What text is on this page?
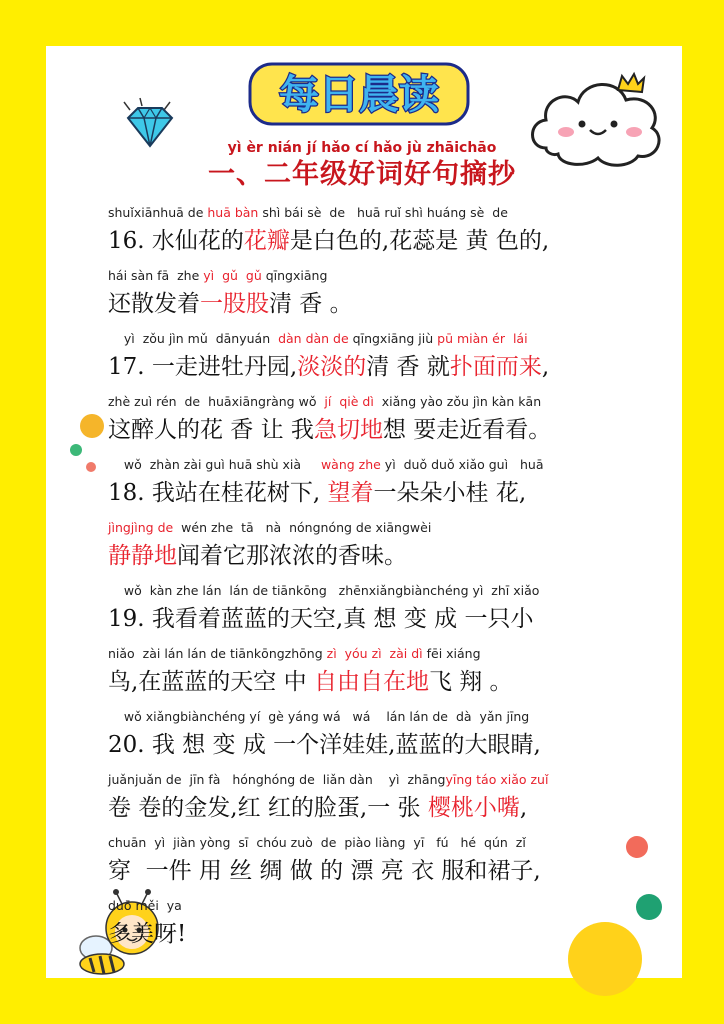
每日晨读
yì èr nián jí hǎo cí hǎo jù zhāichāo
一、二年级好词好句摘抄
shuǐxiānhuā de huā bàn shì bái sè  de   huā ruǐ shì huáng sè  de
16. 水仙花的花瓣是白色的,花蕊是 黄 色的,
hái sàn fā  zhe yì  gǔ  gǔ qīngxiāng
还散发着一股股清 香 。
yì  zǒu jìn mǔ  dānyuán  dàn dàn de qīngxiāng jiù pū miàn ér  lái
17. 一走进牡丹园,淡淡的清 香 就扑面而来,
zhè zuì rén  de  huāxiāngràng wǒ  jí  qiè dì  xiǎng yào zǒu jìn kàn kān
这醉人的花 香 让 我急切地想 要走近看看。
wǒ  zhàn zài guì huā shù xià     wàng zhe yì  duǒ duǒ xiǎo guì   huā
18. 我站在桂花树下, 望着一朵朵小桂 花,
jìngjìng de  wén zhe  tā   nà  nóngnóng de xiāngwèi
静静地闻着它那浓浓的香味。
wǒ  kàn zhe lán  lán de tiānkōng   zhēnxiǎngbiànchéng yì  zhī xiǎo
19. 我看着蓝蓝的天空,真 想 变 成 一只小
niǎo  zài lán lán de tiānkōngzhōng zì  yóu zì  zài dì fēi xiáng
鸟,在蓝蓝的天空 中 自由自在地飞 翔 。
wǒ xiǎngbiànchéng yí  gè yáng wá   wá    lán lán de  dà  yǎn jīng
20. 我 想 变 成 一个洋娃娃,蓝蓝的大眼睛,
juǎnjuǎn de  jīn fà   hónghóng de  liǎn dàn    yì  zhāngyīng táo xiǎo zuǐ
卷 卷的金发,红 红的脸蛋,一 张 樱桃小嘴,
chuān  yì  jiàn yòng  sī  chóu zuò  de  piào liàng  yī   fú   hé  qún  zǐ
穿  一件 用 丝 绸 做 的 漂 亮 衣 服和裙子,
duō měi  ya
多美呀!
